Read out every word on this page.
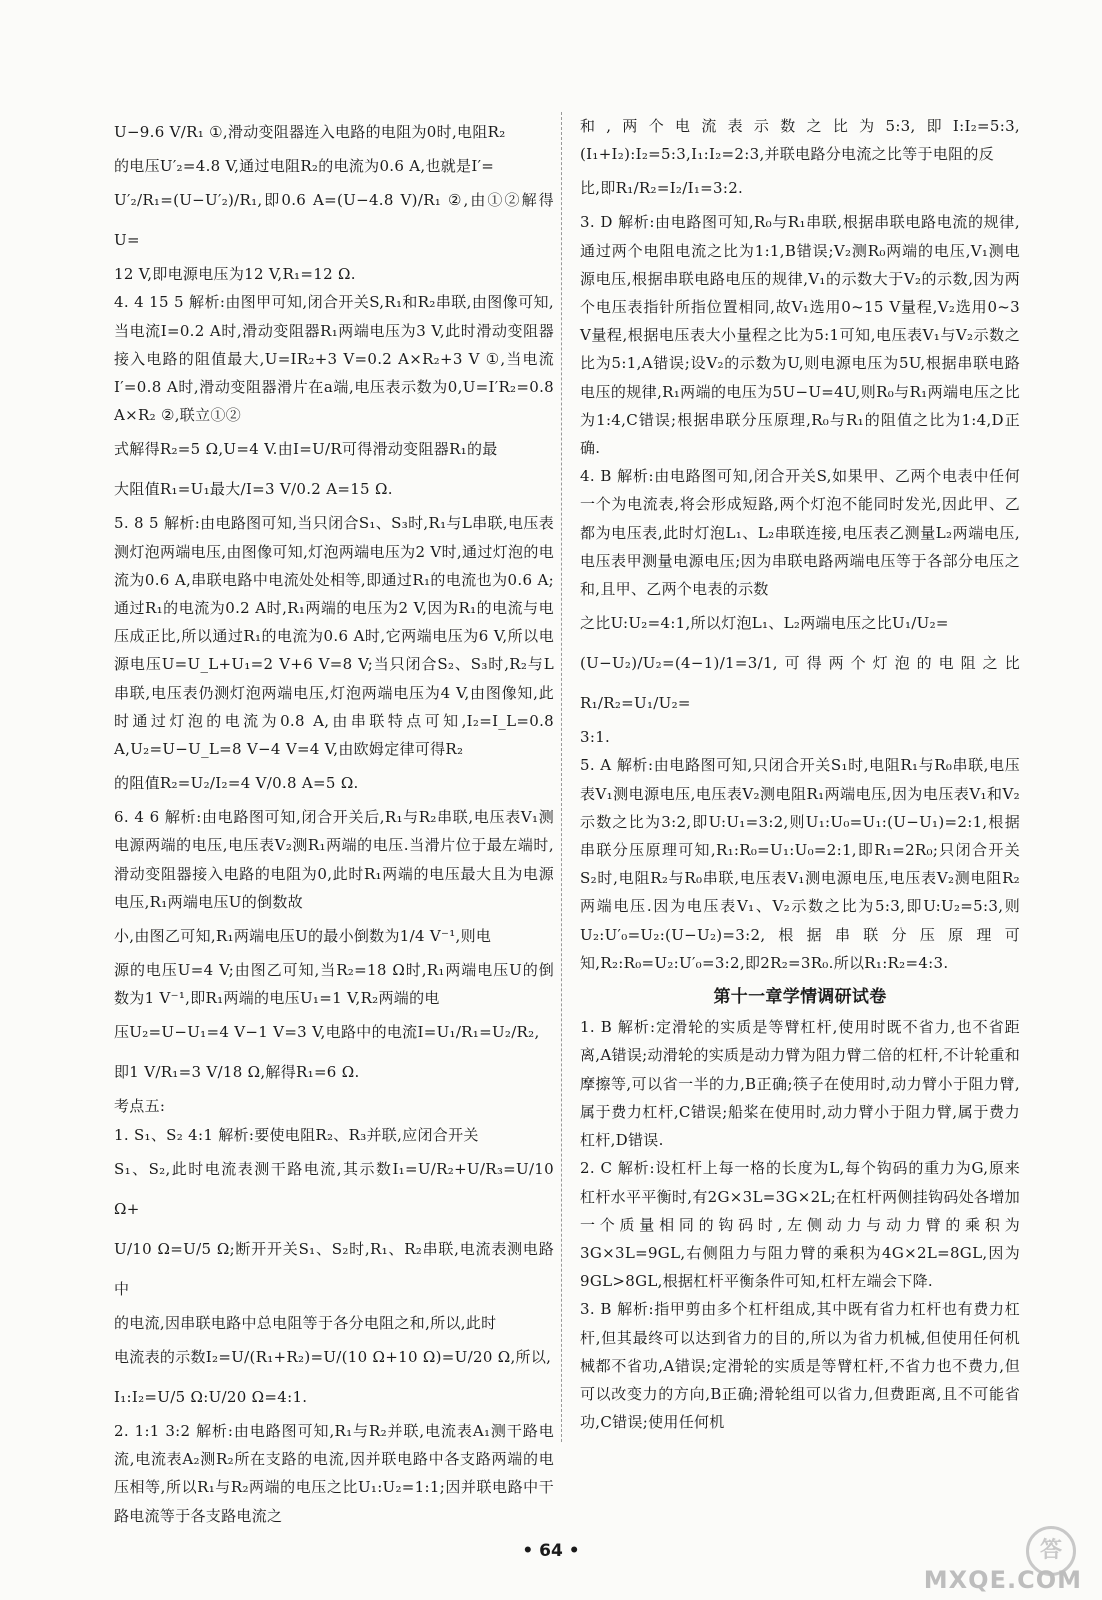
U−9.6 V/R₁ ①,滑动变阻器连入电路的电阻为0时,电阻R₂

的电压U′₂=4.8 V,通过电阻R₂的电流为0.6 A,也就是I′=

U′₂/R₁=(U−U′₂)/R₁,即0.6 A=(U−4.8 V)/R₁ ②,由①②解得U=

12 V,即电源电压为12 V,R₁=12 Ω.

4. 4 15 5 解析:由图甲可知,闭合开关S,R₁和R₂串联,由图像可知,当电流I=0.2 A时,滑动变阻器R₁两端电压为3 V,此时滑动变阻器接入电路的阻值最大,U=IR₂+3 V=0.2 A×R₂+3 V ①,当电流I′=0.8 A时,滑动变阻器滑片在a端,电压表示数为0,U=I′R₂=0.8 A×R₂ ②,联立①②

式解得R₂=5 Ω,U=4 V.由I=U/R可得滑动变阻器R₁的最

大阻值R₁=U₁最大/I=3 V/0.2 A=15 Ω.

5. 8 5 解析:由电路图可知,当只闭合S₁、S₃时,R₁与L串联,电压表测灯泡两端电压,由图像可知,灯泡两端电压为2 V时,通过灯泡的电流为0.6 A,串联电路中电流处处相等,即通过R₁的电流也为0.6 A;通过R₁的电流为0.2 A时,R₁两端的电压为2 V,因为R₁的电流与电压成正比,所以通过R₁的电流为0.6 A时,它两端电压为6 V,所以电源电压U=U_L+U₁=2 V+6 V=8 V;当只闭合S₂、S₃时,R₂与L串联,电压表仍测灯泡两端电压,灯泡两端电压为4 V,由图像知,此时通过灯泡的电流为0.8 A,由串联特点可知,I₂=I_L=0.8 A,U₂=U−U_L=8 V−4 V=4 V,由欧姆定律可得R₂

的阻值R₂=U₂/I₂=4 V/0.8 A=5 Ω.

6. 4 6 解析:由电路图可知,闭合开关后,R₁与R₂串联,电压表V₁测电源两端的电压,电压表V₂测R₁两端的电压.当滑片位于最左端时,滑动变阻器接入电路的电阻为0,此时R₁两端的电压最大且为电源电压,R₁两端电压U的倒数故

小,由图乙可知,R₁两端电压U的最小倒数为1/4 V⁻¹,则电

源的电压U=4 V;由图乙可知,当R₂=18 Ω时,R₁两端电压U的倒数为1 V⁻¹,即R₁两端的电压U₁=1 V,R₂两端的电

压U₂=U−U₁=4 V−1 V=3 V,电路中的电流I=U₁/R₁=U₂/R₂,

即1 V/R₁=3 V/18 Ω,解得R₁=6 Ω.

考点五:

1. S₁、S₂ 4:1 解析:要使电阻R₂、R₃并联,应闭合开关

S₁、S₂,此时电流表测干路电流,其示数I₁=U/R₂+U/R₃=U/10 Ω+

U/10 Ω=U/5 Ω;断开开关S₁、S₂时,R₁、R₂串联,电流表测电路中

的电流,因串联电路中总电阻等于各分电阻之和,所以,此时

电流表的示数I₂=U/(R₁+R₂)=U/(10 Ω+10 Ω)=U/20 Ω,所以,

I₁:I₂=U/5 Ω:U/20 Ω=4:1.

2. 1:1 3:2 解析:由电路图可知,R₁与R₂并联,电流表A₁测干路电流,电流表A₂测R₂所在支路的电流,因并联电路中各支路两端的电压相等,所以R₁与R₂两端的电压之比U₁:U₂=1:1;因并联电路中干路电流等于各支路电流之

和,两个电流表示数之比为5:3,即I:I₂=5:3,(I₁+I₂):I₂=5:3,I₁:I₂=2:3,并联电路分电流之比等于电阻的反

比,即R₁/R₂=I₂/I₁=3:2.

3. D 解析:由电路图可知,R₀与R₁串联,根据串联电路电流的规律,通过两个电阻电流之比为1:1,B错误;V₂测R₀两端的电压,V₁测电源电压,根据串联电路电压的规律,V₁的示数大于V₂的示数,因为两个电压表指针所指位置相同,故V₁选用0~15 V量程,V₂选用0~3 V量程,根据电压表大小量程之比为5:1可知,电压表V₁与V₂示数之比为5:1,A错误;设V₂的示数为U,则电源电压为5U,根据串联电路电压的规律,R₁两端的电压为5U−U=4U,则R₀与R₁两端电压之比为1:4,C错误;根据串联分压原理,R₀与R₁的阻值之比为1:4,D正确.

4. B 解析:由电路图可知,闭合开关S,如果甲、乙两个电表中任何一个为电流表,将会形成短路,两个灯泡不能同时发光,因此甲、乙都为电压表,此时灯泡L₁、L₂串联连接,电压表乙测量L₂两端电压,电压表甲测量电源电压;因为串联电路两端电压等于各部分电压之和,且甲、乙两个电表的示数

之比U:U₂=4:1,所以灯泡L₁、L₂两端电压之比U₁/U₂=

(U−U₂)/U₂=(4−1)/1=3/1,可得两个灯泡的电阻之比R₁/R₂=U₁/U₂=

3:1.

5. A 解析:由电路图可知,只闭合开关S₁时,电阻R₁与R₀串联,电压表V₁测电源电压,电压表V₂测电阻R₁两端电压,因为电压表V₁和V₂示数之比为3:2,即U:U₁=3:2,则U₁:U₀=U₁:(U−U₁)=2:1,根据串联分压原理可知,R₁:R₀=U₁:U₀=2:1,即R₁=2R₀;只闭合开关S₂时,电阻R₂与R₀串联,电压表V₁测电源电压,电压表V₂测电阻R₂两端电压.因为电压表V₁、V₂示数之比为5:3,即U:U₂=5:3,则U₂:U′₀=U₂:(U−U₂)=3:2,根据串联分压原理可知,R₂:R₀=U₂:U′₀=3:2,即2R₂=3R₀.所以R₁:R₂=4:3.

第十一章学情调研试卷

1. B 解析:定滑轮的实质是等臂杠杆,使用时既不省力,也不省距离,A错误;动滑轮的实质是动力臂为阻力臂二倍的杠杆,不计轮重和摩擦等,可以省一半的力,B正确;筷子在使用时,动力臂小于阻力臂,属于费力杠杆,C错误;船桨在使用时,动力臂小于阻力臂,属于费力杠杆,D错误.

2. C 解析:设杠杆上每一格的长度为L,每个钩码的重力为G,原来杠杆水平平衡时,有2G×3L=3G×2L;在杠杆两侧挂钩码处各增加一个质量相同的钩码时,左侧动力与动力臂的乘积为3G×3L=9GL,右侧阻力与阻力臂的乘积为4G×2L=8GL,因为9GL>8GL,根据杠杆平衡条件可知,杠杆左端会下降.

3. B 解析:指甲剪由多个杠杆组成,其中既有省力杠杆也有费力杠杆,但其最终可以达到省力的目的,所以为省力机械,但使用任何机械都不省功,A错误;定滑轮的实质是等臂杠杆,不省力也不费力,但可以改变力的方向,B正确;滑轮组可以省力,但费距离,且不可能省功,C错误;使用任何机

• 64 •	答
MXQE.COM
